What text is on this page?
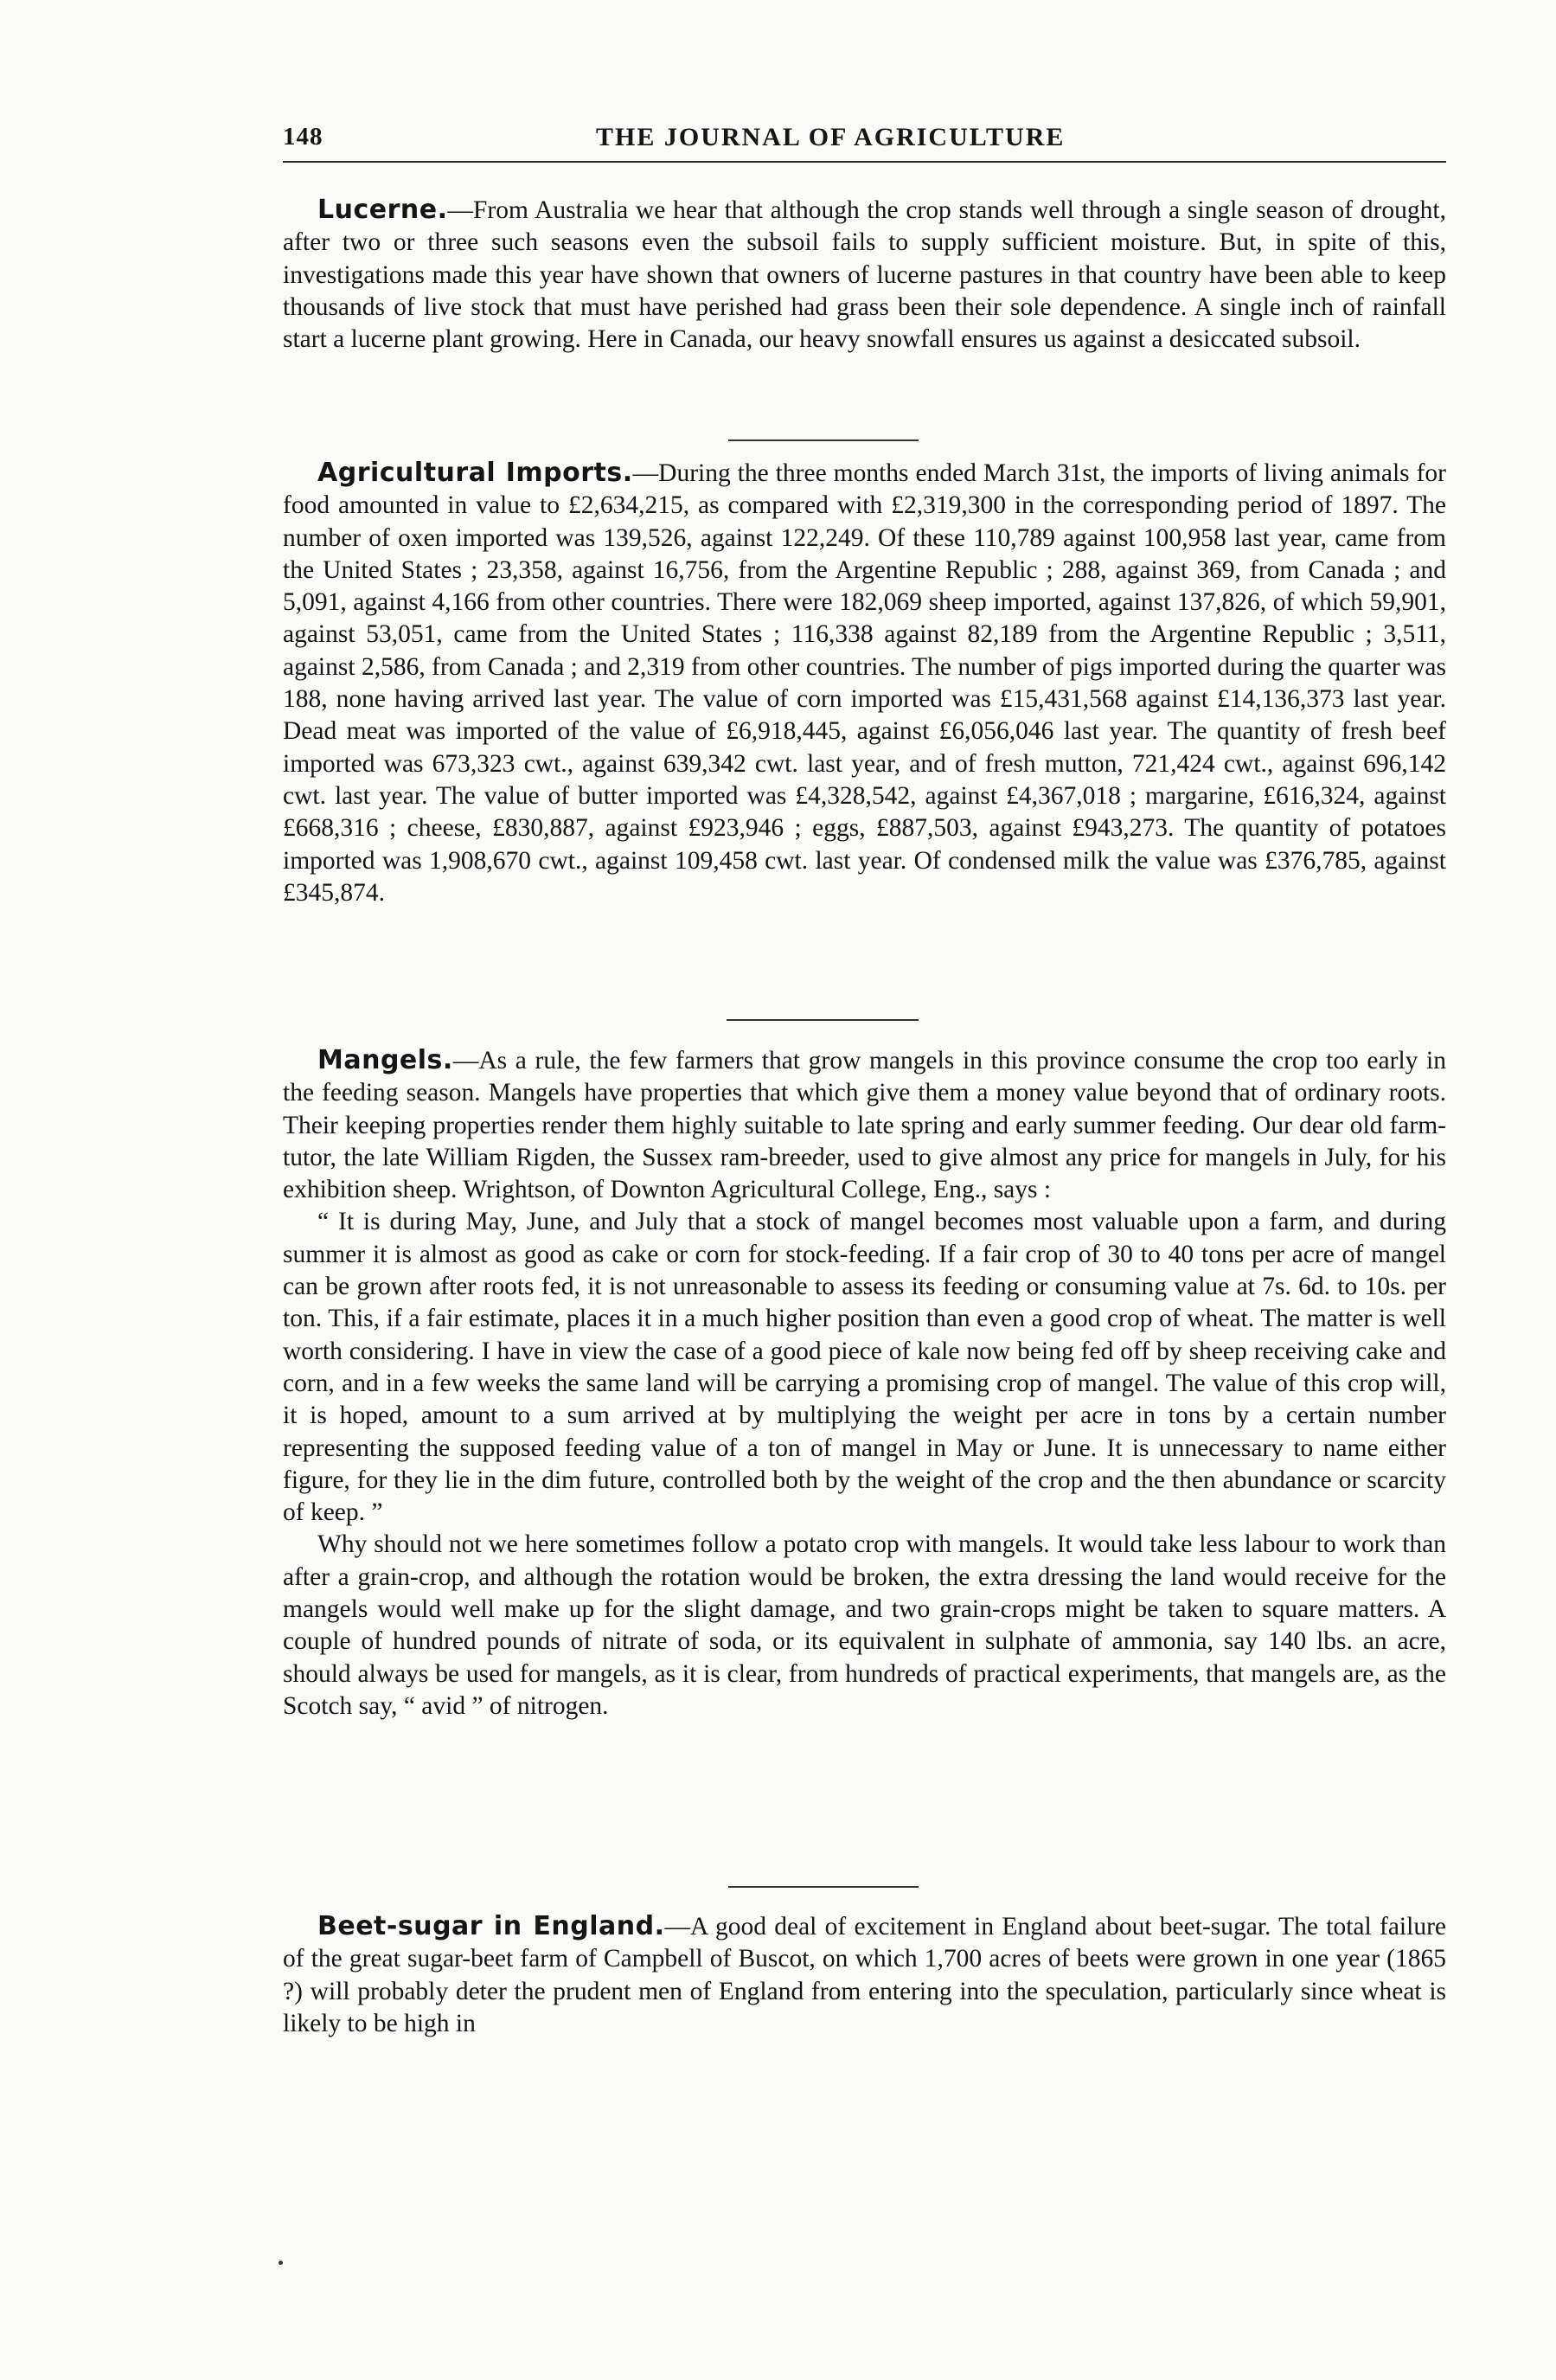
148	THE JOURNAL OF AGRICULTURE

Lucerne.—From Australia we hear that although the crop stands well through a single season of drought, after two or three such seasons even the subsoil fails to supply sufficient moisture. But, in spite of this, investigations made this year have shown that owners of lucerne pastures in that country have been able to keep thousands of live stock that must have perished had grass been their sole dependence. A single inch of rainfall start a lucerne plant growing. Here in Canada, our heavy snowfall ensures us against a desiccated subsoil.

Agricultural Imports.—During the three months ended March 31st, the imports of living animals for food amounted in value to £2,634,215, as compared with £2,319,300 in the corresponding period of 1897. The number of oxen imported was 139,526, against 122,249. Of these 110,789 against 100,958 last year, came from the United States ; 23,358, against 16,756, from the Argentine Republic ; 288, against 369, from Canada ; and 5,091, against 4,166 from other countries. There were 182,069 sheep imported, against 137,826, of which 59,901, against 53,051, came from the United States ; 116,338 against 82,189 from the Argentine Republic ; 3,511, against 2,586, from Canada ; and 2,319 from other countries. The number of pigs imported during the quarter was 188, none having arrived last year. The value of corn imported was £15,431,568 against £14,136,373 last year. Dead meat was imported of the value of £6,918,445, against £6,056,046 last year. The quantity of fresh beef imported was 673,323 cwt., against 639,342 cwt. last year, and of fresh mutton, 721,424 cwt., against 696,142 cwt. last year. The value of butter imported was £4,328,542, against £4,367,018 ; margarine, £616,324, against £668,316 ; cheese, £830,887, against £923,946 ; eggs, £887,503, against £943,273. The quantity of potatoes imported was 1,908,670 cwt., against 109,458 cwt. last year. Of condensed milk the value was £376,785, against £345,874.

Mangels.—As a rule, the few farmers that grow mangels in this province consume the crop too early in the feeding season. Mangels have properties that which give them a money value beyond that of ordinary roots. Their keeping properties render them highly suitable to late spring and early summer feeding. Our dear old farm-tutor, the late William Rigden, the Sussex ram-breeder, used to give almost any price for mangels in July, for his exhibition sheep. Wrightson, of Downton Agricultural College, Eng., says :

“ It is during May, June, and July that a stock of mangel becomes most valuable upon a farm, and during summer it is almost as good as cake or corn for stock-feeding. If a fair crop of 30 to 40 tons per acre of mangel can be grown after roots fed, it is not unreasonable to assess its feeding or consuming value at 7s. 6d. to 10s. per ton. This, if a fair estimate, places it in a much higher position than even a good crop of wheat. The matter is well worth considering. I have in view the case of a good piece of kale now being fed off by sheep receiving cake and corn, and in a few weeks the same land will be carrying a promising crop of mangel. The value of this crop will, it is hoped, amount to a sum arrived at by multiplying the weight per acre in tons by a certain number representing the supposed feeding value of a ton of mangel in May or June. It is unnecessary to name either figure, for they lie in the dim future, controlled both by the weight of the crop and the then abundance or scarcity of keep. ”

Why should not we here sometimes follow a potato crop with mangels. It would take less labour to work than after a grain-crop, and although the rotation would be broken, the extra dressing the land would receive for the mangels would well make up for the slight damage, and two grain-crops might be taken to square matters. A couple of hundred pounds of nitrate of soda, or its equivalent in sulphate of ammonia, say 140 lbs. an acre, should always be used for mangels, as it is clear, from hundreds of practical experiments, that mangels are, as the Scotch say, “ avid ” of nitrogen.

Beet-sugar in England.—A good deal of excitement in England about beet-sugar. The total failure of the great sugar-beet farm of Campbell of Buscot, on which 1,700 acres of beets were grown in one year (1865 ?) will probably deter the prudent men of England from entering into the speculation, particularly since wheat is likely to be high in
